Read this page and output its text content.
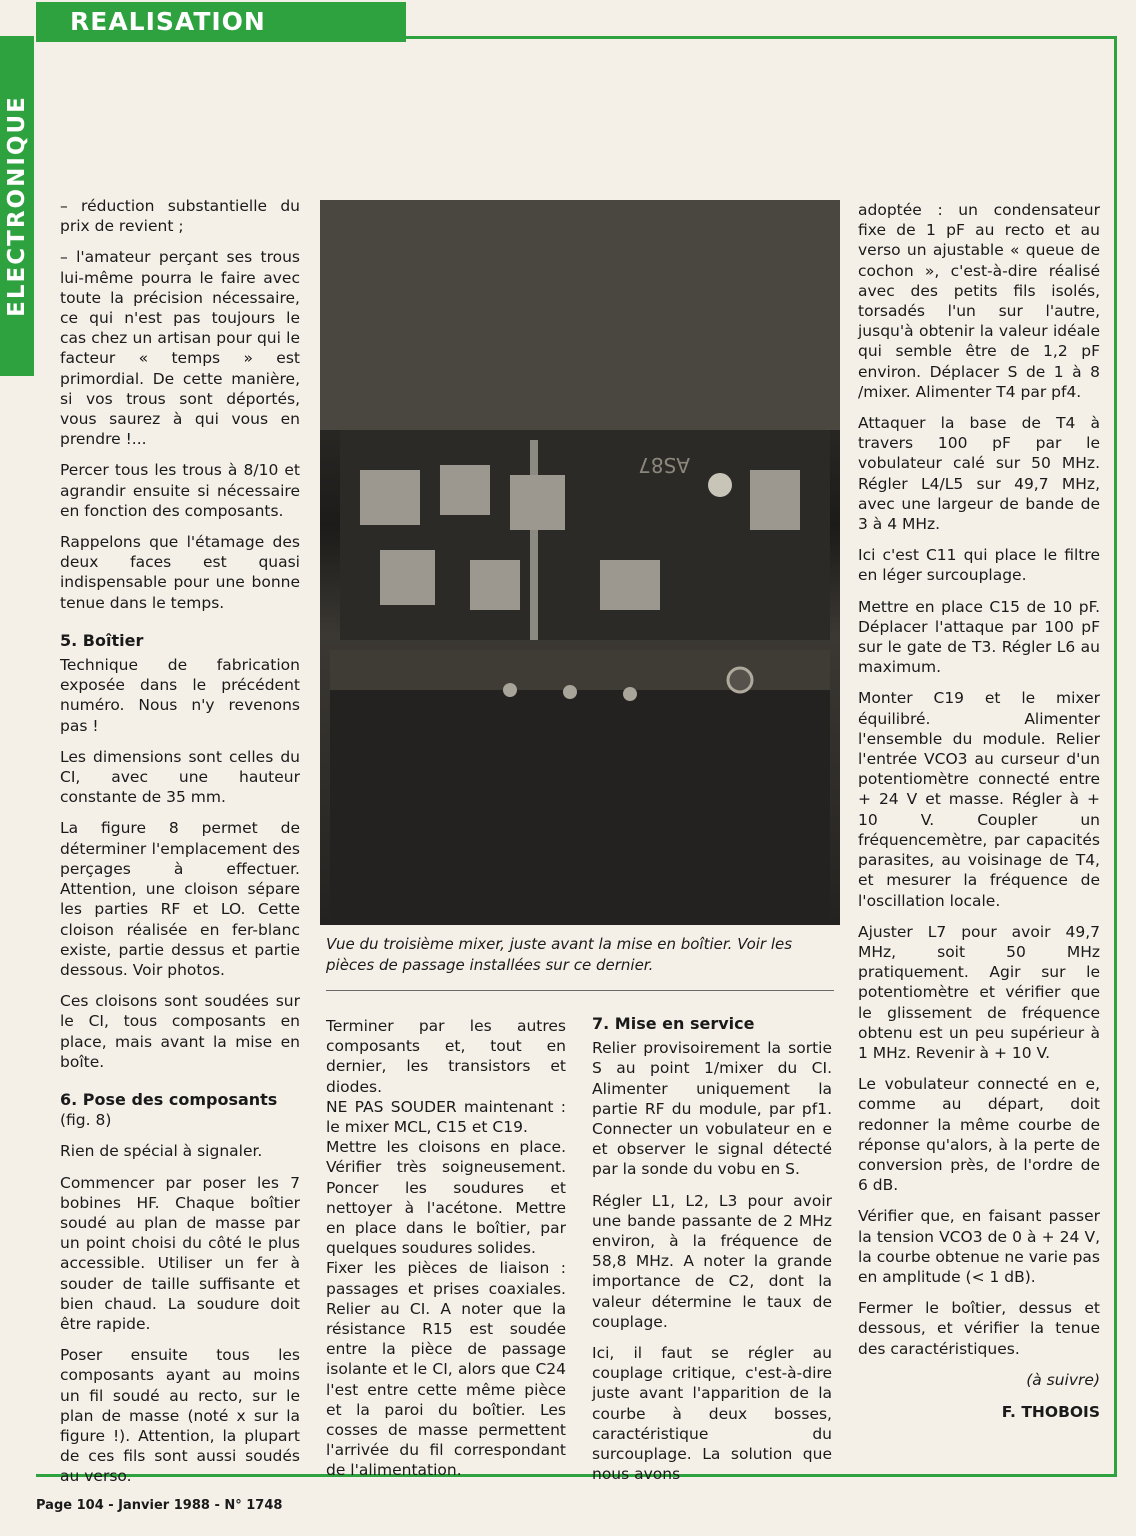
REALISATION
ELECTRONIQUE – réduction substantielle du prix de revient ;

– l'amateur perçant ses trous lui-même pourra le faire avec toute la précision nécessaire, ce qui n'est pas toujours le cas chez un artisan pour qui le facteur « temps » est primordial. De cette manière, si vos trous sont déportés, vous saurez à qui vous en prendre !...

Percer tous les trous à 8/10 et agrandir ensuite si nécessaire en fonction des composants.

Rappelons que l'étamage des deux faces est quasi indispensable pour une bonne tenue dans le temps.

5. Boîtier

Technique de fabrication exposée dans le précédent numéro. Nous n'y revenons pas !

Les dimensions sont celles du CI, avec une hauteur constante de 35 mm.

La figure 8 permet de déterminer l'emplacement des perçages à effectuer. Attention, une cloison sépare les parties RF et LO. Cette cloison réalisée en fer-blanc existe, partie dessus et partie dessous. Voir photos.

Ces cloisons sont soudées sur le CI, tous composants en place, mais avant la mise en boîte.

6. Pose des composants

(fig. 8)

Rien de spécial à signaler.

Commencer par poser les 7 bobines HF. Chaque boîtier soudé au plan de masse par un point choisi du côté le plus accessible. Utiliser un fer à souder de taille suffisante et bien chaud. La soudure doit être rapide.

Poser ensuite tous les composants ayant au moins un fil soudé au recto, sur le plan de masse (noté x sur la figure !). Attention, la plupart de ces fils sont aussi soudés au verso.

AS87
Vue du troisième mixer, juste avant la mise en boîtier. Voir les pièces de passage installées sur ce dernier.

Terminer par les autres composants et, tout en dernier, les transistors et diodes.

NE PAS SOUDER maintenant : le mixer MCL, C15 et C19.

Mettre les cloisons en place. Vérifier très soigneusement. Poncer les soudures et nettoyer à l'acétone. Mettre en place dans le boîtier, par quelques soudures solides.

Fixer les pièces de liaison : passages et prises coaxiales. Relier au CI. A noter que la résistance R15 est soudée entre la pièce de passage isolante et le CI, alors que C24 l'est entre cette même pièce et la paroi du boîtier. Les cosses de masse permettent l'arrivée du fil correspondant de l'alimentation.

7. Mise en service

Relier provisoirement la sortie S au point 1/mixer du CI. Alimenter uniquement la partie RF du module, par pf1. Connecter un vobulateur en e et observer le signal détecté par la sonde du vobu en S.

Régler L1, L2, L3 pour avoir une bande passante de 2 MHz environ, à la fréquence de 58,8 MHz. A noter la grande importance de C2, dont la valeur détermine le taux de couplage.

Ici, il faut se régler au couplage critique, c'est-à-dire juste avant l'apparition de la courbe à deux bosses, caractéristique du surcouplage. La solution que nous avons

adoptée : un condensateur fixe de 1 pF au recto et au verso un ajustable « queue de cochon », c'est-à-dire réalisé avec des petits fils isolés, torsadés l'un sur l'autre, jusqu'à obtenir la valeur idéale qui semble être de 1,2 pF environ. Déplacer S de 1 à 8 /mixer. Alimenter T4 par pf4.

Attaquer la base de T4 à travers 100 pF par le vobulateur calé sur 50 MHz. Régler L4/L5 sur 49,7 MHz, avec une largeur de bande de 3 à 4 MHz.

Ici c'est C11 qui place le filtre en léger surcouplage.

Mettre en place C15 de 10 pF. Déplacer l'attaque par 100 pF sur le gate de T3. Régler L6 au maximum.

Monter C19 et le mixer équilibré. Alimenter l'ensemble du module. Relier l'entrée VCO3 au curseur d'un potentiomètre connecté entre + 24 V et masse. Régler à + 10 V. Coupler un fréquencemètre, par capacités parasites, au voisinage de T4, et mesurer la fréquence de l'oscillation locale.

Ajuster L7 pour avoir 49,7 MHz, soit 50 MHz pratiquement. Agir sur le potentiomètre et vérifier que le glissement de fréquence obtenu est un peu supérieur à 1 MHz. Revenir à + 10 V.

Le vobulateur connecté en e, comme au départ, doit redonner la même courbe de réponse qu'alors, à la perte de conversion près, de l'ordre de 6 dB.

Vérifier que, en faisant passer la tension VCO3 de 0 à + 24 V, la courbe obtenue ne varie pas en amplitude (< 1 dB).

Fermer le boîtier, dessus et dessous, et vérifier la tenue des caractéristiques.

(à suivre)

F. THOBOIS

Page 104 - Janvier 1988 - N° 1748
